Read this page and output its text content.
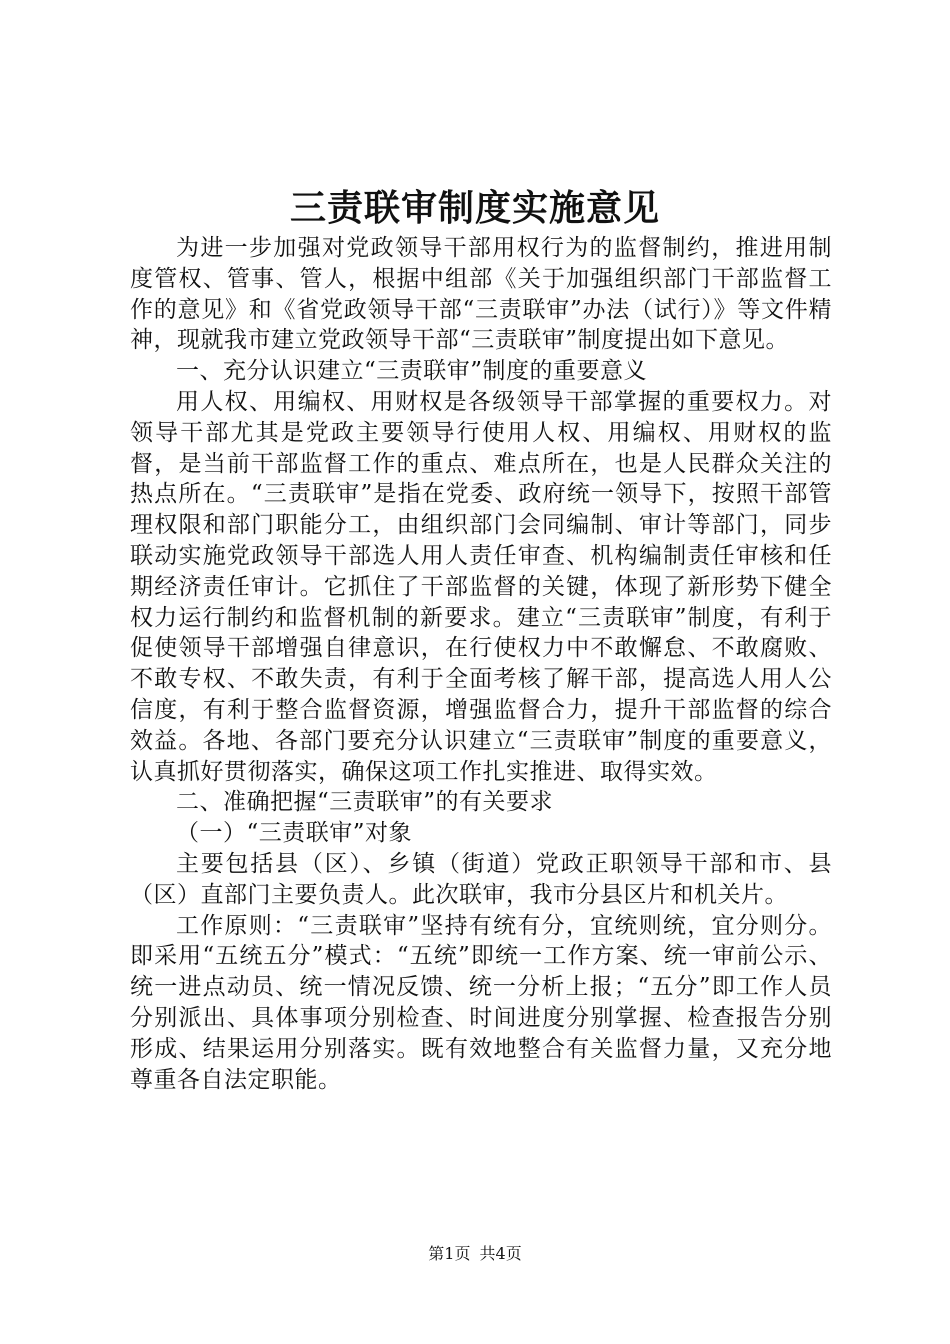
三责联审制度实施意见

为进一步加强对党政领导干部用权行为的监督制约，推进用制度管权、管事、管人，根据中组部《关于加强组织部门干部监督工作的意见》和《省党政领导干部“三责联审”办法（试行）》等文件精神，现就我市建立党政领导干部“三责联审”制度提出如下意见。

一、充分认识建立“三责联审”制度的重要意义

用人权、用编权、用财权是各级领导干部掌握的重要权力。对领导干部尤其是党政主要领导行使用人权、用编权、用财权的监督，是当前干部监督工作的重点、难点所在，也是人民群众关注的热点所在。“三责联审”是指在党委、政府统一领导下，按照干部管理权限和部门职能分工，由组织部门会同编制、审计等部门，同步联动实施党政领导干部选人用人责任审查、机构编制责任审核和任期经济责任审计。它抓住了干部监督的关键，体现了新形势下健全权力运行制约和监督机制的新要求。建立“三责联审”制度，有利于促使领导干部增强自律意识，在行使权力中不敢懈怠、不敢腐败、不敢专权、不敢失责，有利于全面考核了解干部，提高选人用人公信度，有利于整合监督资源，增强监督合力，提升干部监督的综合效益。各地、各部门要充分认识建立“三责联审”制度的重要意义，认真抓好贯彻落实，确保这项工作扎实推进、取得实效。

二、准确把握“三责联审”的有关要求

（一）“三责联审”对象

主要包括县（区）、乡镇（街道）党政正职领导干部和市、县（区）直部门主要负责人。此次联审，我市分县区片和机关片。

工作原则：“三责联审”坚持有统有分，宜统则统，宜分则分。即采用“五统五分”模式：“五统”即统一工作方案、统一审前公示、统一进点动员、统一情况反馈、统一分析上报；“五分”即工作人员分别派出、具体事项分别检查、时间进度分别掌握、检查报告分别形成、结果运用分别落实。既有效地整合有关监督力量，又充分地尊重各自法定职能。

第1页 共4页
